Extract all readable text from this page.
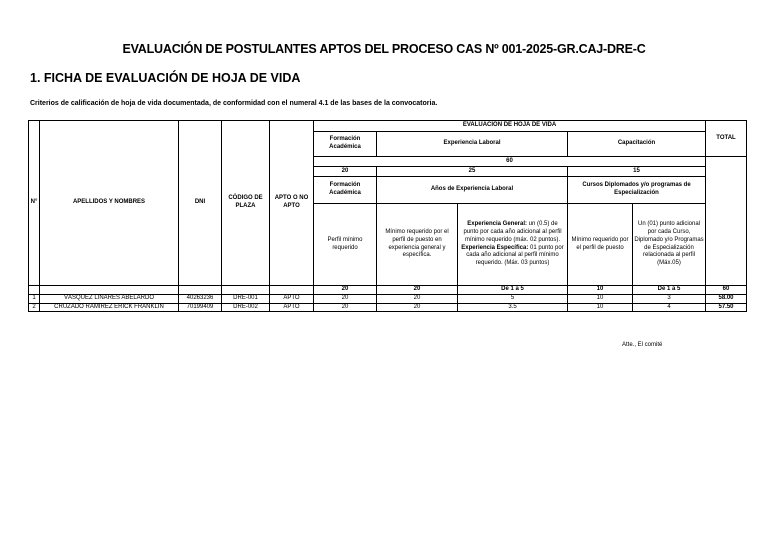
EVALUACIÓN DE POSTULANTES APTOS DEL PROCESO CAS Nº 001-2025-GR.CAJ-DRE-C
1. FICHA DE EVALUACIÓN DE HOJA DE VIDA
Criterios de calificación de hoja de vida documentada, de conformidad con el numeral 4.1 de las bases de la convocatoria.
N°	APELLIDOS Y NOMBRES	DNI	CÓDIGO DE PLAZA	APTO O NO APTO	EVALUACIÓN DE HOJA DE VIDA					TOTAL
					Formación Académica	Experiencia Laboral		Capacitación		
					60					
					20	25		15		
					Formación Académica	Años de Experiencia Laboral		Cursos Diplomados y/o programas de Especialización		
					Perfil mínimo requerido	Mínimo requerido por el perfil de puesto en experiencia general y específica.	Experiencia General: un (0.5) de punto por cada año adicional al perfil mínimo requerido (máx. 02 puntos). Experiencia Específica: 01 punto por cada año adicional al perfil mínimo requerido. (Máx. 03 puntos)	Mínimo requerido por el perfil de puesto	Un (01) punto adicional por cada Curso, Diplomado y/o Programas de Especialización relacionada al perfil (Máx.05)	
					20	20	De 1 a 5	10	De 1 a 5	60
1	VÁSQUEZ LINARES ABELARDO	40263236	DRE-001	APTO	20	20	5	10	3	58.00
2	CRUZADO RAMÍREZ ERICK FRANKLIN	70199409	DRE-002	APTO	20	20	3.5	10	4	57.50
Atte., El comité
